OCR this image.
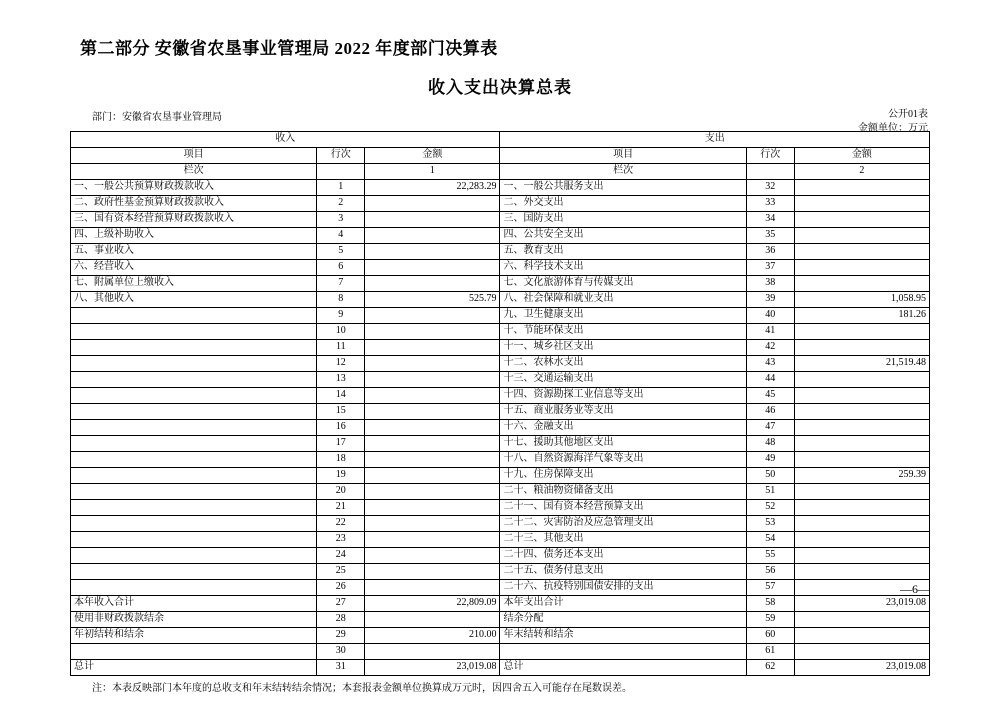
第二部分 安徽省农垦事业管理局 2022 年度部门决算表
收入支出决算总表
公开01表
金额单位：万元
部门：安徽省农垦事业管理局
收入			支出		
项目	行次	金额	项目	行次	金额
栏次		1	栏次		2
一、一般公共预算财政拨款收入	1	22,283.29	一、一般公共服务支出	32	
二、政府性基金预算财政拨款收入	2		二、外交支出	33	
三、国有资本经营预算财政拨款收入	3		三、国防支出	34	
四、上级补助收入	4		四、公共安全支出	35	
五、事业收入	5		五、教育支出	36	
六、经营收入	6		六、科学技术支出	37	
七、附属单位上缴收入	7		七、文化旅游体育与传媒支出	38	
八、其他收入	8	525.79	八、社会保障和就业支出	39	1,058.95
	9		九、卫生健康支出	40	181.26
	10		十、节能环保支出	41	
	11		十一、城乡社区支出	42	
	12		十二、农林水支出	43	21,519.48
	13		十三、交通运输支出	44	
	14		十四、资源勘探工业信息等支出	45	
	15		十五、商业服务业等支出	46	
	16		十六、金融支出	47	
	17		十七、援助其他地区支出	48	
	18		十八、自然资源海洋气象等支出	49	
	19		十九、住房保障支出	50	259.39
	20		二十、粮油物资储备支出	51	
	21		二十一、国有资本经营预算支出	52	
	22		二十二、灾害防治及应急管理支出	53	
	23		二十三、其他支出	54	
	24		二十四、债务还本支出	55	
	25		二十五、债务付息支出	56	
	26		二十六、抗疫特别国债安排的支出	57	
本年收入合计	27	22,809.09	本年支出合计	58	23,019.08
使用非财政拨款结余	28		结余分配	59	
年初结转和结余	29	210.00	年末结转和结余	60	
	30			61	
总计	31	23,019.08	总计	62	23,019.08
注：本表反映部门本年度的总收支和年末结转结余情况；本套报表金额单位换算成万元时，因四舍五入可能存在尾数误差。
—6—
